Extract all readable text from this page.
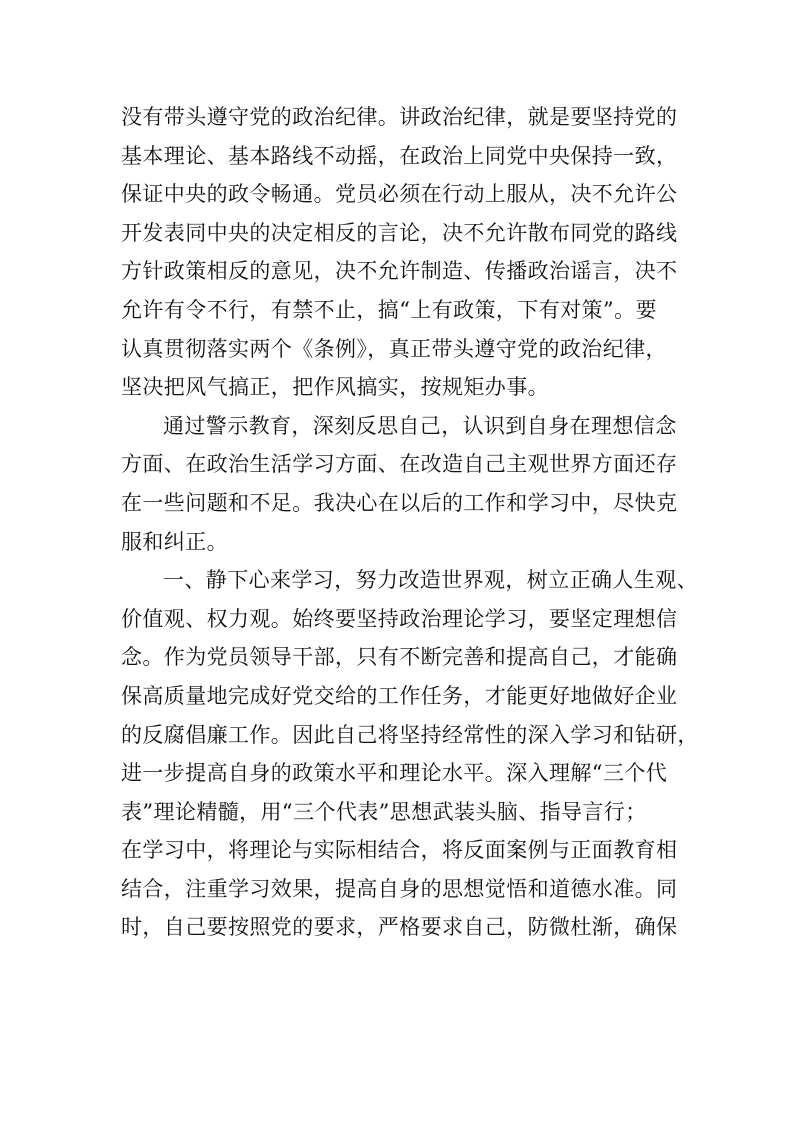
没有带头遵守党的政治纪律。讲政治纪律，就是要坚持党的
基本理论、基本路线不动摇，在政治上同党中央保持一致，
保证中央的政令畅通。党员必须在行动上服从，决不允许公
开发表同中央的决定相反的言论，决不允许散布同党的路线
方针政策相反的意见，决不允许制造、传播政治谣言，决不
允许有令不行，有禁不止，搞“上有政策，下有对策”。要
认真贯彻落实两个《条例》，真正带头遵守党的政治纪律，
坚决把风气搞正，把作风搞实，按规矩办事。
通过警示教育，深刻反思自己，认识到自身在理想信念
方面、在政治生活学习方面、在改造自己主观世界方面还存
在一些问题和不足。我决心在以后的工作和学习中，尽快克
服和纠正。
一、静下心来学习，努力改造世界观，树立正确人生观、
价值观、权力观。始终要坚持政治理论学习，要坚定理想信
念。作为党员领导干部，只有不断完善和提高自己，才能确
保高质量地完成好党交给的工作任务，才能更好地做好企业
的反腐倡廉工作。因此自己将坚持经常性的深入学习和钻研，
进一步提高自身的政策水平和理论水平。深入理解“三个代
表”理论精髓，用“三个代表”思想武装头脑、指导言行；
在学习中，将理论与实际相结合，将反面案例与正面教育相
结合，注重学习效果，提高自身的思想觉悟和道德水准。同
时，自己要按照党的要求，严格要求自己，防微杜渐，确保
